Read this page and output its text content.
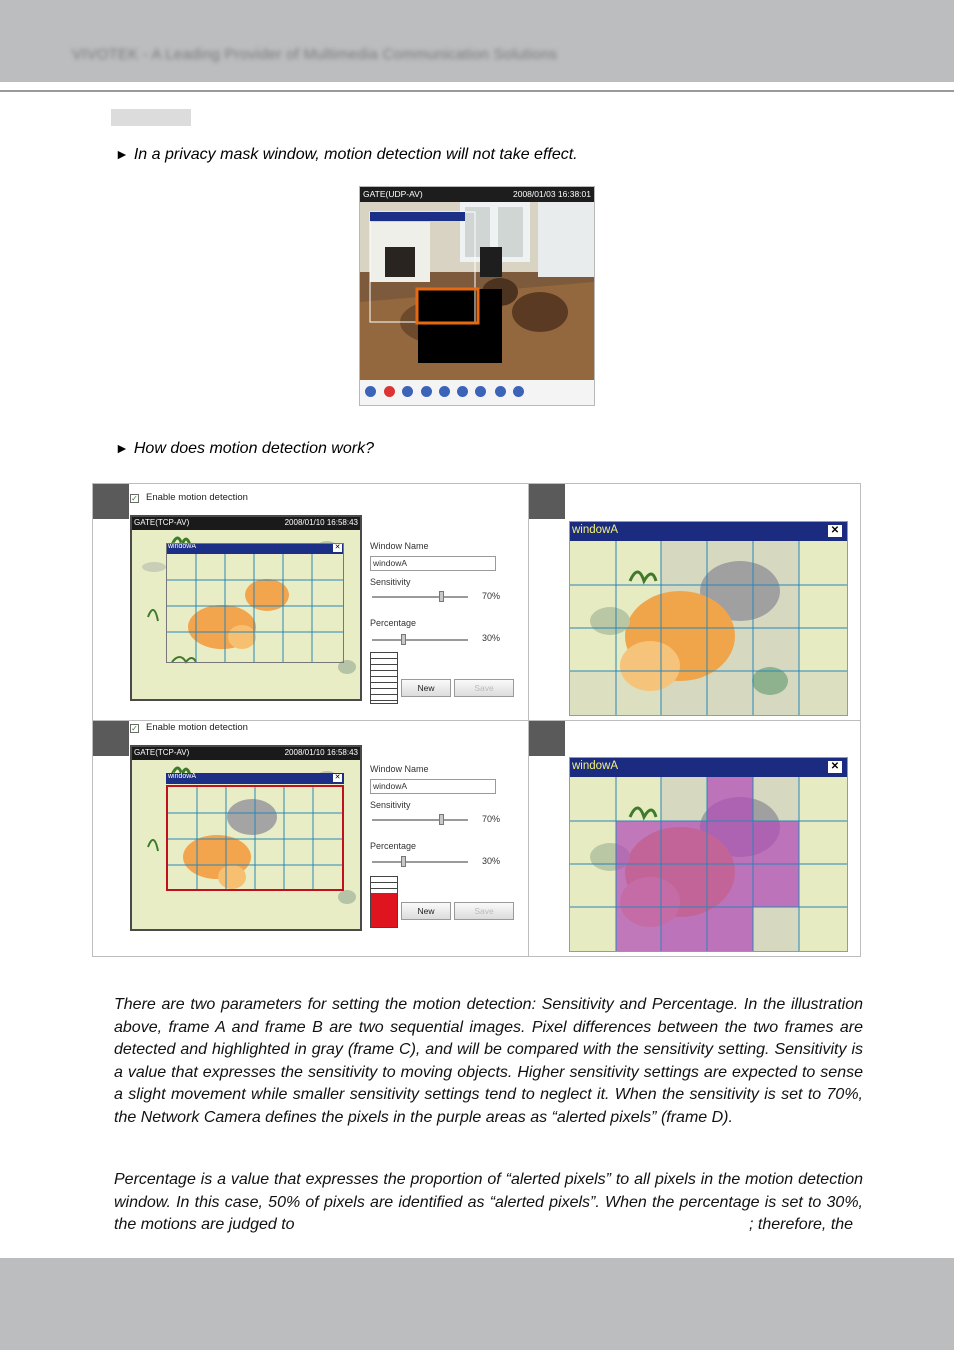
VIVOTEK - A Leading Provider of Multimedia Communication Solutions
► In a privacy mask window, motion detection will not take effect.
GATE(UDP-AV)	2008/01/03 16:38:01
► How does motion detection work?
✓ Enable motion detection
GATE(TCP-AV)	2008/01/10 16:58:43
windowA	✕	Window Name
windowA
Sensitivity
70%
Percentage
30%
New	Save
windowA	✕
✓ Enable motion detection
GATE(TCP-AV)	2008/01/10 16:58:43
windowA	✕
Window Name
windowA
Sensitivity
70%
Percentage
30%
New	Save
windowA	✕
There are two parameters for setting the motion detection: Sensitivity and Percentage. In the illustration above, frame A and frame B are two sequential images. Pixel differences between the two frames are detected and highlighted in gray (frame C), and will be compared with the sensitivity setting. Sensitivity is a value that expresses the sensitivity to moving objects. Higher sensitivity settings are expected to sense a slight movement while smaller sensitivity settings tend to neglect it. When the sensitivity is set to 70%, the Network Camera defines the pixels in the purple areas as “alerted pixels” (frame D).
Percentage is a value that expresses the proportion of “alerted pixels” to all pixels in the motion detection window. In this case, 50% of pixels are identified as “alerted pixels”. When the percentage is set to 30%, the motions are judged to	; therefore, the
